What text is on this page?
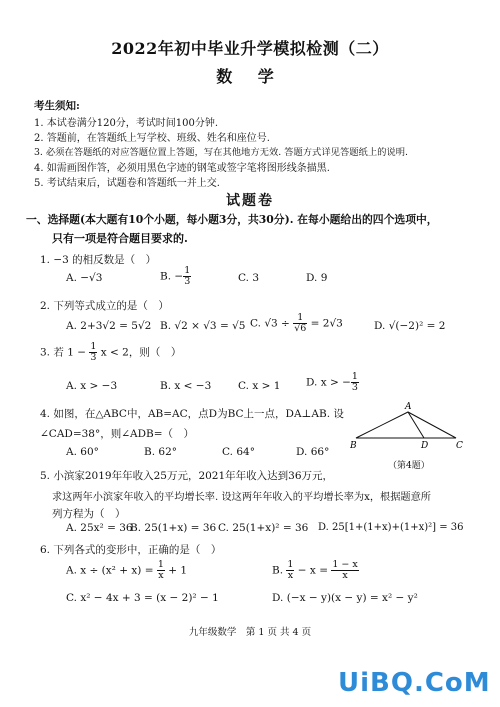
2022年初中毕业升学模拟检测（二）
数 学
考生须知:
1. 本试卷满分120分，考试时间100分钟.
2. 答题前，在答题纸上写学校、班级、姓名和座位号.
3. 必须在答题纸的对应答题位置上答题，写在其他地方无效. 答题方式详见答题纸上的说明.
4. 如需画图作答，必须用黑色字迹的钢笔或签字笔将图形线条描黑.
5. 考试结束后，试题卷和答题纸一并上交.
试题卷
一、选择题(本大题有10个小题，每小题3分，共30分). 在每小题给出的四个选项中，
只有一项是符合题目要求的.
1. −3 的相反数是（　）
A. −√3	B. − $\frac{1}{3}$	C. 3	D. 9
2. 下列等式成立的是（　）
A. 2+3√2 = 5√2 B. √2 × √3 = √5 C. $√3 \div \frac{1}{√6} = 2√3$	D. √(−2)² = 2
3. 若 $1 - \frac{1}{3}$ x < 2，则（　）
A. x > −3	B. x < −3	C. x > 1 D. x > − $\frac{1}{3}$
4. 如图，在△ABC中，AB=AC，点D为BC上一点，DA⊥AB. 设
∠CAD=38°，则∠ADB=（　）
A. 60°	B. 62°	C. 64°	D. 66°
A
B	D	C
（第4题）
5. 小滨家2019年年收入25万元，2021年年收入达到36万元，
求这两年小滨家年收入的平均增长率. 设这两年年收入的平均增长率为x，根据题意所
列方程为（　）
A. 25x² = 36
B. 25(1+x) = 36 C. 25(1+x)² = 36 D. 25[1+(1+x)+(1+x)²] = 36
6. 下列各式的变形中，正确的是（　）
A. $x \div (x^2 + x) = \frac{1}{x} + 1$	B. $\frac{1}{x} - x = \frac{1 - x}{x}$
C. x² − 4x + 3 = (x − 2)² − 1	D. (−x − y)(x − y) = x² − y²
九年级数学　第 1 页 共 4 页
UiBQ.CoM
